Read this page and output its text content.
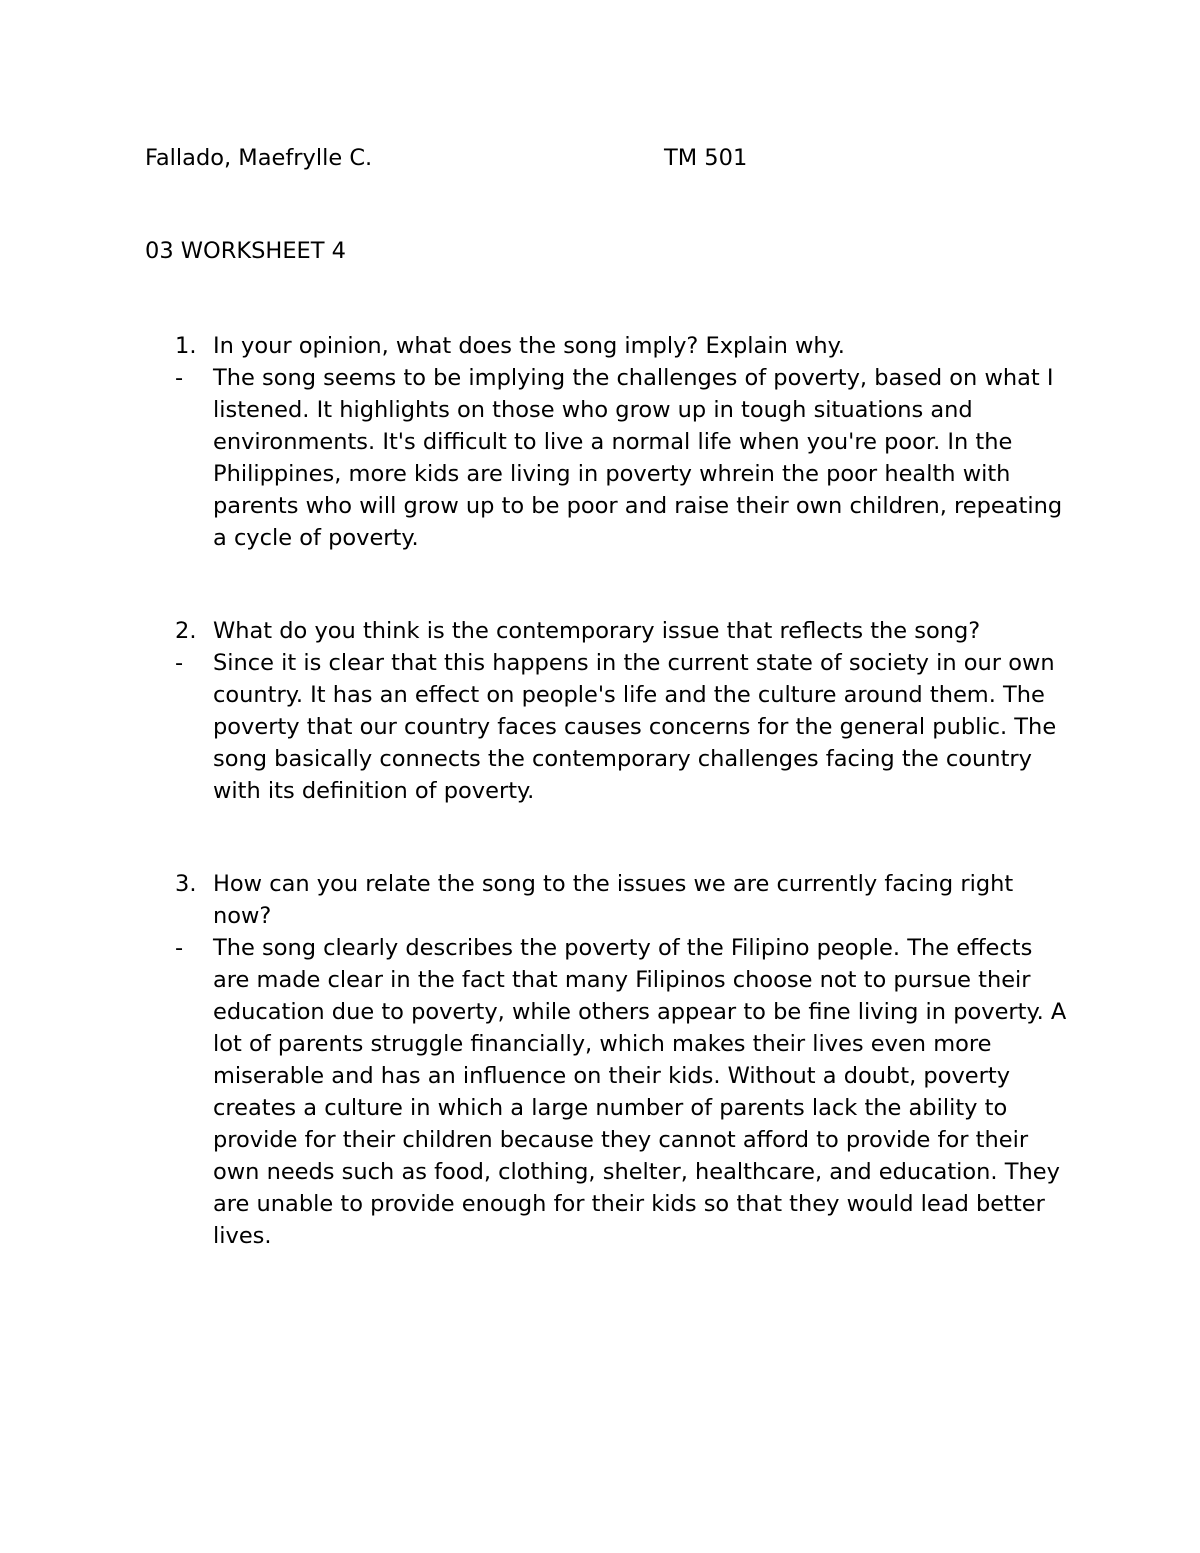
Fallado, Maefrylle C.	TM 501
03 WORKSHEET 4
1. In your opinion, what does the song imply? Explain why.
- The song seems to be implying the challenges of poverty, based on what I listened. It highlights on those who grow up in tough situations and environments. It's difficult to live a normal life when you're poor. In the Philippines, more kids are living in poverty whrein the poor health with parents who will grow up to be poor and raise their own children, repeating a cycle of poverty.
2. What do you think is the contemporary issue that reflects the song?
- Since it is clear that this happens in the current state of society in our own country. It has an effect on people's life and the culture around them. The poverty that our country faces causes concerns for the general public. The song basically connects the contemporary challenges facing the country with its definition of poverty.
3. How can you relate the song to the issues we are currently facing right now?
- The song clearly describes the poverty of the Filipino people. The effects are made clear in the fact that many Filipinos choose not to pursue their education due to poverty, while others appear to be fine living in poverty. A lot of parents struggle financially, which makes their lives even more miserable and has an influence on their kids. Without a doubt, poverty creates a culture in which a large number of parents lack the ability to provide for their children because they cannot afford to provide for their own needs such as food, clothing, shelter, healthcare, and education. They are unable to provide enough for their kids so that they would lead better lives.
